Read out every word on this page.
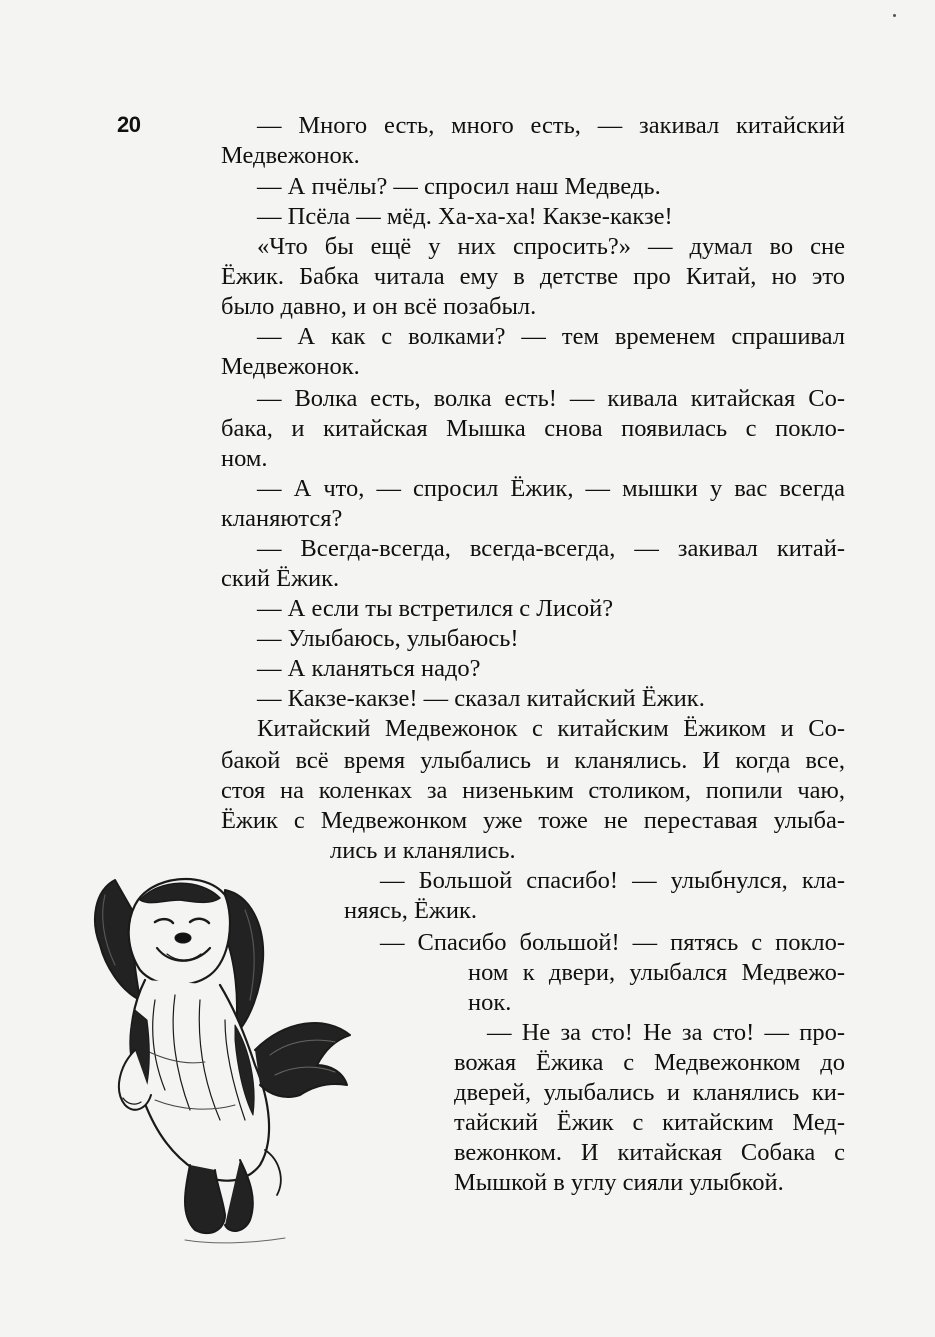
20	— Много есть, много есть, — закивал китайский
Медвежонок.
— А пчёлы? — спросил наш Медведь.
— Псёла — мёд. Ха-ха-ха! Какзе-какзе!
«Что бы ещё у них спросить?» — думал во сне
Ёжик. Бабка читала ему в детстве про Китай, но это
было давно, и он всё позабыл.
— А как с волками? — тем временем спрашивал
Медвежонок.
— Волка есть, волка есть! — кивала китайская Со-
бака, и китайская Мышка снова появилась с покло-
ном.
— А что, — спросил Ёжик, — мышки у вас всегда
кланяются?
— Всегда-всегда, всегда-всегда, — закивал китай-
ский Ёжик.
— А если ты встретился с Лисой?
— Улыбаюсь, улыбаюсь!
— А кланяться надо?
— Какзе-какзе! — сказал китайский Ёжик.
Китайский Медвежонок с китайским Ёжиком и Со-
бакой всё время улыбались и кланялись. И когда все,
стоя на коленках за низеньким столиком, попили чаю,
Ёжик с Медвежонком уже тоже не переставая улыба-
лись и кланялись.
— Большой спасибо! — улыбнулся, кла-
няясь, Ёжик.
— Спасибо большой! — пятясь с покло-
ном к двери, улыбался Медвежо-
нок.
— Не за сто! Не за сто! — про-
вожая Ёжика с Медвежонком до
дверей, улыбались и кланялись ки-
тайский Ёжик с китайским Мед-
вежонком. И китайская Собака с
Мышкой в углу сияли улыбкой.
